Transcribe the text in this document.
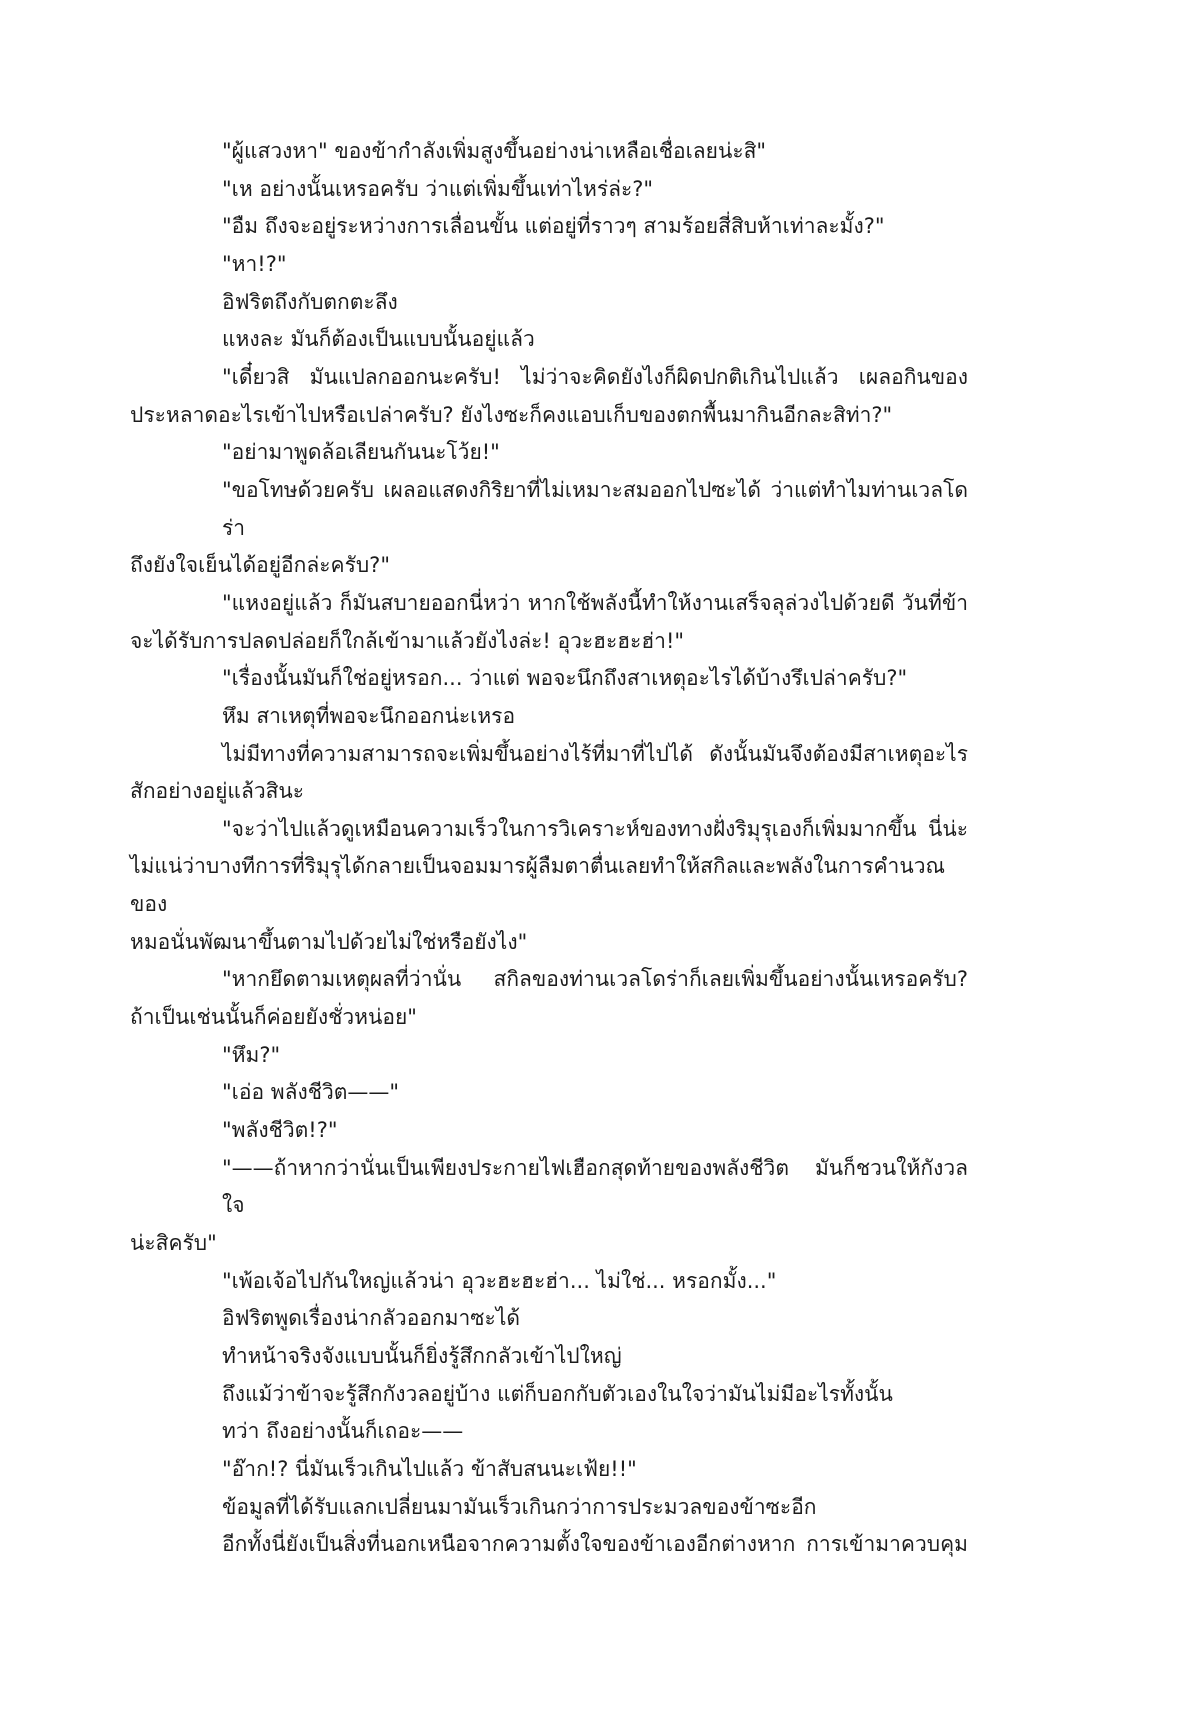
"ผู้แสวงหา" ของข้ากำลังเพิ่มสูงขึ้นอย่างน่าเหลือเชื่อเลยน่ะสิ"
"เห อย่างนั้นเหรอครับ ว่าแต่เพิ่มขึ้นเท่าไหร่ล่ะ?"
"อืม ถึงจะอยู่ระหว่างการเลื่อนขั้น แต่อยู่ที่ราวๆ สามร้อยสี่สิบห้าเท่าละมั้ง?"
"หา!?"
อิฟริตถึงกับตกตะลึง
แหงละ มันก็ต้องเป็นแบบนั้นอยู่แล้ว
"เดี๋ยวสิ มันแปลกออกนะครับ! ไม่ว่าจะคิดยังไงก็ผิดปกติเกินไปแล้ว เผลอกินของ
ประหลาดอะไรเข้าไปหรือเปล่าครับ? ยังไงซะก็คงแอบเก็บของตกพื้นมากินอีกละสิท่า?"
"อย่ามาพูดล้อเลียนกันนะโว้ย!"
"ขอโทษด้วยครับ เผลอแสดงกิริยาที่ไม่เหมาะสมออกไปซะได้ ว่าแต่ทำไมท่านเวลโดร่า
ถึงยังใจเย็นได้อยู่อีกล่ะครับ?"
"แหงอยู่แล้ว ก็มันสบายออกนี่หว่า หากใช้พลังนี้ทำให้งานเสร็จลุล่วงไปด้วยดี วันที่ข้า
จะได้รับการปลดปล่อยก็ใกล้เข้ามาแล้วยังไงล่ะ! อุวะฮะฮะฮ่า!"
"เรื่องนั้นมันก็ใช่อยู่หรอก... ว่าแต่ พอจะนึกถึงสาเหตุอะไรได้บ้างรึเปล่าครับ?"
หึม สาเหตุที่พอจะนึกออกน่ะเหรอ
ไม่มีทางที่ความสามารถจะเพิ่มขึ้นอย่างไร้ที่มาที่ไปได้ ดังนั้นมันจึงต้องมีสาเหตุอะไร
สักอย่างอยู่แล้วสินะ
"จะว่าไปแล้วดูเหมือนความเร็วในการวิเคราะห์ของทางฝั่งริมุรุเองก็เพิ่มมากขึ้น นี่น่ะ
ไม่แน่ว่าบางทีการที่ริมุรุได้กลายเป็นจอมมารผู้ลืมตาตื่นเลยทำให้สกิลและพลังในการคำนวณของ
หมอนั่นพัฒนาขึ้นตามไปด้วยไม่ใช่หรือยังไง"
"หากยึดตามเหตุผลที่ว่านั่น สกิลของท่านเวลโดร่าก็เลยเพิ่มขึ้นอย่างนั้นเหรอครับ?
ถ้าเป็นเช่นนั้นก็ค่อยยังชั่วหน่อย"
"หึม?"
"เอ่อ พลังชีวิต——"
"พลังชีวิต!?"
"——ถ้าหากว่านั่นเป็นเพียงประกายไฟเฮือกสุดท้ายของพลังชีวิต มันก็ชวนให้กังวลใจ
น่ะสิครับ"
"เพ้อเจ้อไปกันใหญ่แล้วน่า อุวะฮะฮะฮ่า... ไม่ใช่... หรอกมั้ง..."
อิฟริตพูดเรื่องน่ากลัวออกมาซะได้
ทำหน้าจริงจังแบบนั้นก็ยิ่งรู้สึกกลัวเข้าไปใหญ่
ถึงแม้ว่าข้าจะรู้สึกกังวลอยู่บ้าง แต่ก็บอกกับตัวเองในใจว่ามันไม่มีอะไรทั้งนั้น
ทว่า ถึงอย่างนั้นก็เถอะ——
"อ๊าก!? นี่มันเร็วเกินไปแล้ว ข้าสับสนนะเฟ้ย!!"
ข้อมูลที่ได้รับแลกเปลี่ยนมามันเร็วเกินกว่าการประมวลของข้าซะอีก
อีกทั้งนี่ยังเป็นสิ่งที่นอกเหนือจากความตั้งใจของข้าเองอีกต่างหาก การเข้ามาควบคุม
